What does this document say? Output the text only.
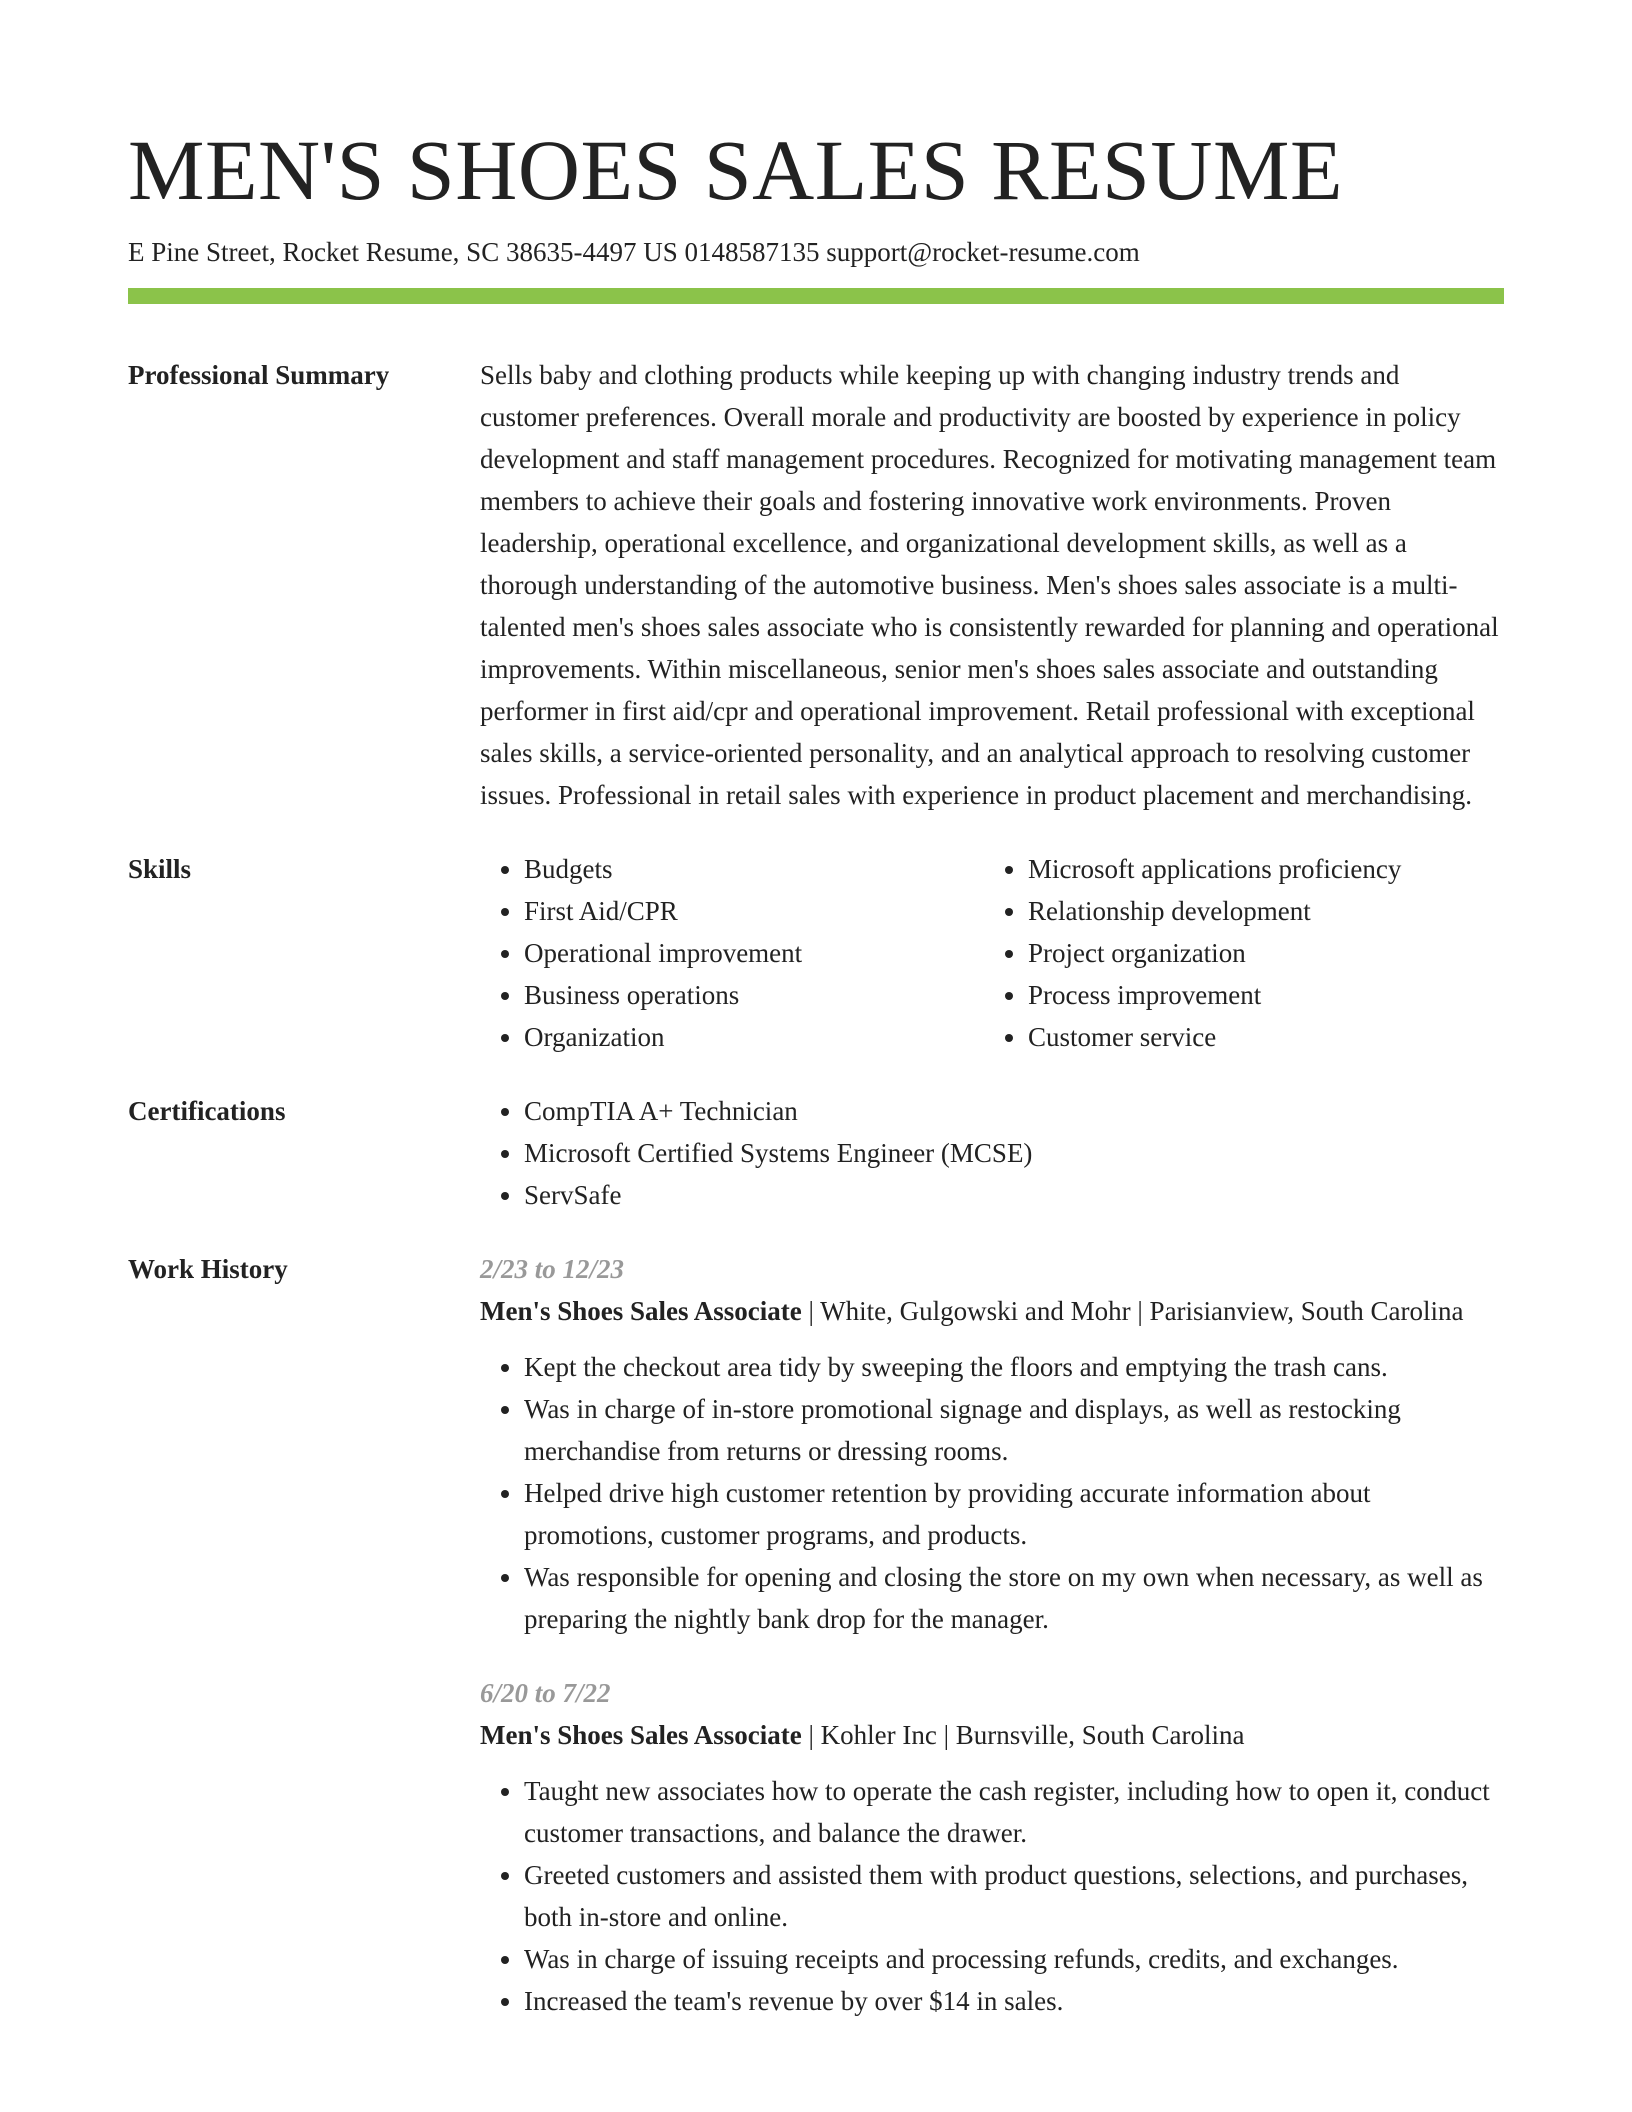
MEN'S SHOES SALES RESUME
E Pine Street, Rocket Resume, SC 38635-4497 US 0148587135 support@rocket-resume.com
Professional Summary	Sells baby and clothing products while keeping up with changing industry trends and customer preferences. Overall morale and productivity are boosted by experience in policy development and staff management procedures. Recognized for motivating management team members to achieve their goals and fostering innovative work environments. Proven leadership, operational excellence, and organizational development skills, as well as a thorough understanding of the automotive business. Men's shoes sales associate is a multi-talented men's shoes sales associate who is consistently rewarded for planning and operational improvements. Within miscellaneous, senior men's shoes sales associate and outstanding performer in first aid/cpr and operational improvement. Retail professional with exceptional sales skills, a service-oriented personality, and an analytical approach to resolving customer issues. Professional in retail sales with experience in product placement and merchandising.
Skills	• Budgets
• First Aid/CPR
• Operational improvement
• Business operations
• Organization
• Microsoft applications proficiency
• Relationship development
• Project organization
• Process improvement
• Customer service
Certifications	• CompTIA A+ Technician
• Microsoft Certified Systems Engineer (MCSE)
• ServSafe
Work History	2/23 to 12/23
Men's Shoes Sales Associate | White, Gulgowski and Mohr | Parisianview, South Carolina
• Kept the checkout area tidy by sweeping the floors and emptying the trash cans.
• Was in charge of in-store promotional signage and displays, as well as restocking merchandise from returns or dressing rooms.
• Helped drive high customer retention by providing accurate information about promotions, customer programs, and products.
• Was responsible for opening and closing the store on my own when necessary, as well as preparing the nightly bank drop for the manager.
6/20 to 7/22
Men's Shoes Sales Associate | Kohler Inc | Burnsville, South Carolina
• Taught new associates how to operate the cash register, including how to open it, conduct customer transactions, and balance the drawer.
• Greeted customers and assisted them with product questions, selections, and purchases, both in-store and online.
• Was in charge of issuing receipts and processing refunds, credits, and exchanges.
• Increased the team's revenue by over $14 in sales.
